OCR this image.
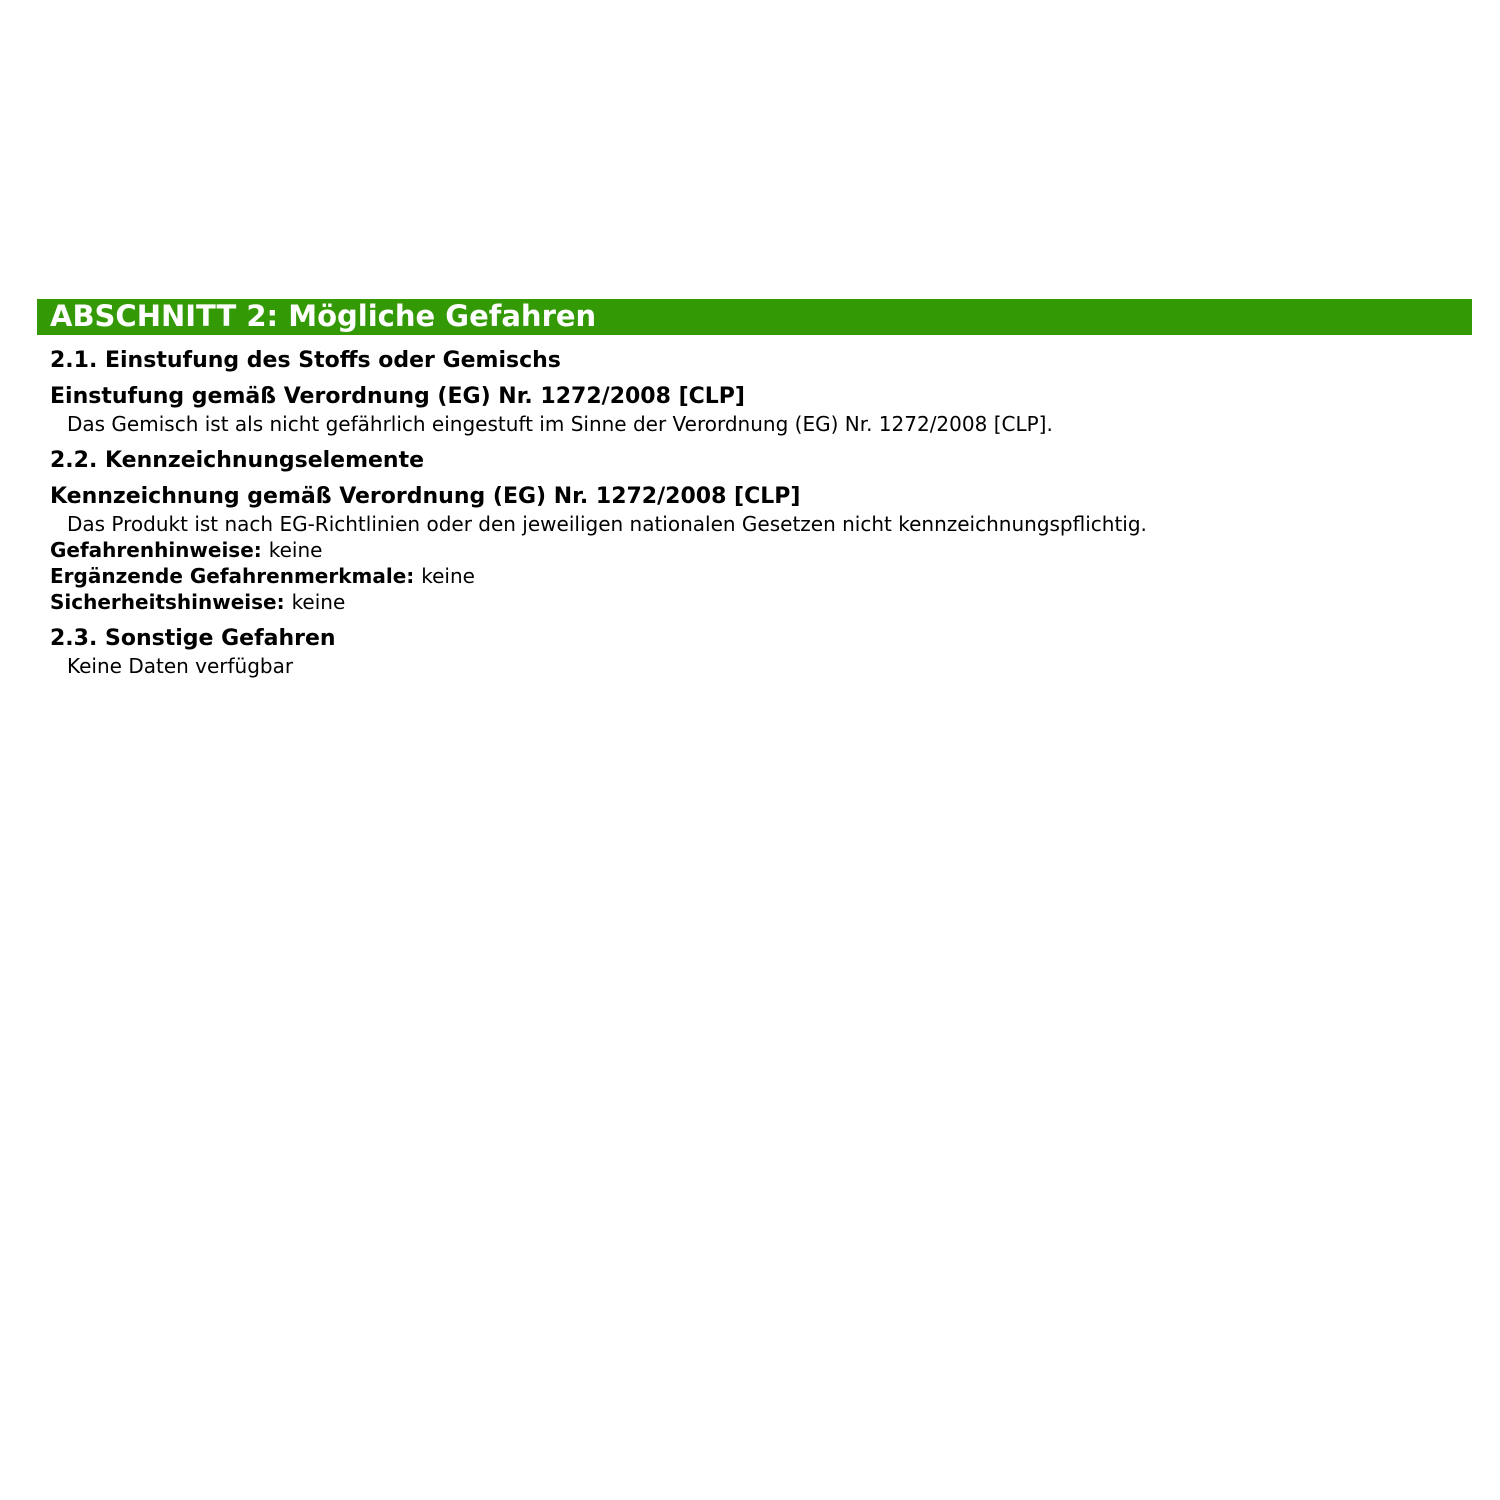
ABSCHNITT 2: Mögliche Gefahren
2.1. Einstufung des Stoffs oder Gemischs
Einstufung gemäß Verordnung (EG) Nr. 1272/2008 [CLP]
Das Gemisch ist als nicht gefährlich eingestuft im Sinne der Verordnung (EG) Nr. 1272/2008 [CLP].
2.2. Kennzeichnungselemente
Kennzeichnung gemäß Verordnung (EG) Nr. 1272/2008 [CLP]
Das Produkt ist nach EG-Richtlinien oder den jeweiligen nationalen Gesetzen nicht kennzeichnungspflichtig.
Gefahrenhinweise: keine
Ergänzende Gefahrenmerkmale: keine
Sicherheitshinweise: keine
2.3. Sonstige Gefahren
Keine Daten verfügbar
